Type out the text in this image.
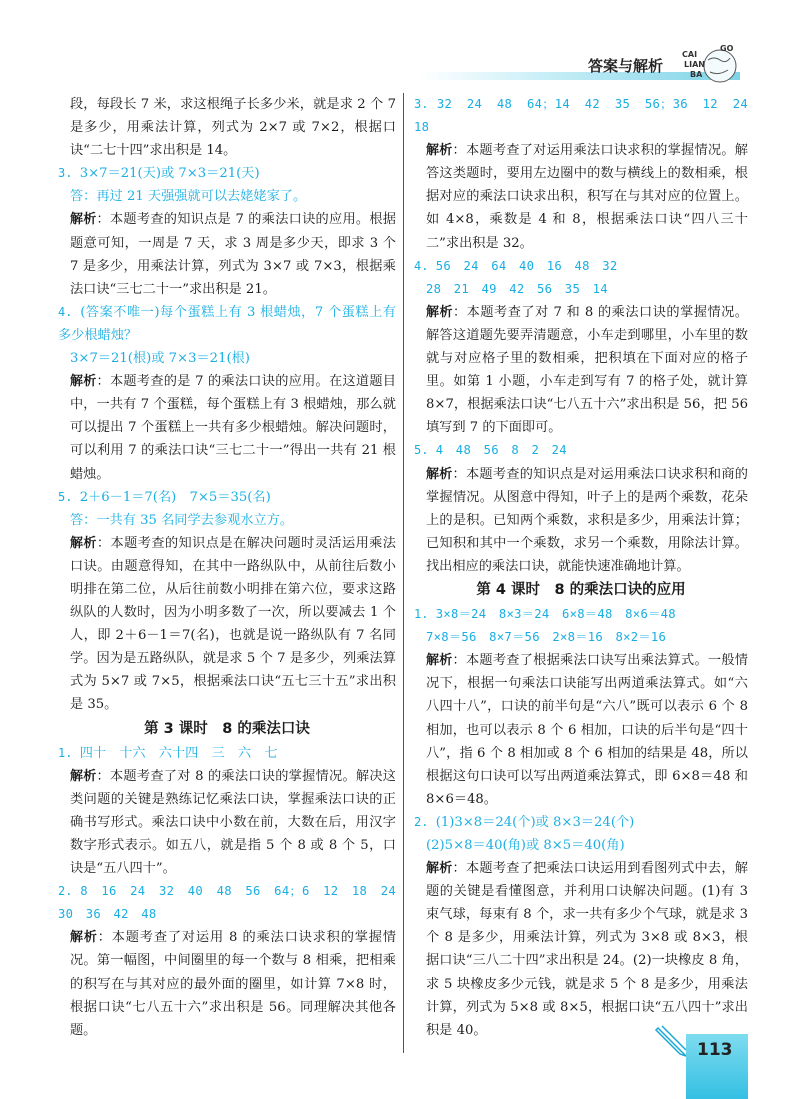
答案与解析
GO
CAI
LIAN
BA

段，每段长 7 米，求这根绳子长多少米，就是求 2 个 7 是多少，用乘法计算，列式为 2×7 或 7×2，根据口诀“二七十四”求出积是 14。

3. 3×7＝21(天)或 7×3＝21(天)

答：再过 21 天强强就可以去姥姥家了。

解析：本题考查的知识点是 7 的乘法口诀的应用。根据题意可知，一周是 7 天，求 3 周是多少天，即求 3 个 7 是多少，用乘法计算，列式为 3×7 或 7×3，根据乘法口诀“三七二十一”求出积是 21。

4. (答案不唯一)每个蛋糕上有 3 根蜡烛，7 个蛋糕上有多少根蜡烛？

3×7＝21(根)或 7×3＝21(根)

解析：本题考查的是 7 的乘法口诀的应用。在这道题目中，一共有 7 个蛋糕，每个蛋糕上有 3 根蜡烛，那么就可以提出 7 个蛋糕上一共有多少根蜡烛。解决问题时，可以利用 7 的乘法口诀“三七二十一”得出一共有 21 根蜡烛。

5. 2＋6－1＝7(名)　7×5＝35(名)

答：一共有 35 名同学去参观水立方。

解析：本题考查的知识点是在解决问题时灵活运用乘法口诀。由题意得知，在其中一路纵队中，从前往后数小明排在第二位，从后往前数小明排在第六位，要求这路纵队的人数时，因为小明多数了一次，所以要减去 1 个人，即 2＋6－1＝7(名)，也就是说一路纵队有 7 名同学。因为是五路纵队，就是求 5 个 7 是多少，列乘法算式为 5×7 或 7×5，根据乘法口诀“五七三十五”求出积是 35。

第 3 课时　8 的乘法口诀

1. 四十　十六　六十四　三　六　七

解析：本题考查了对 8 的乘法口诀的掌握情况。解决这类问题的关键是熟练记忆乘法口诀，掌握乘法口诀的正确书写形式。乘法口诀中小数在前，大数在后，用汉字数字形式表示。如五八，就是指 5 个 8 或 8 个 5，口诀是“五八四十”。

2. 8　16　24　32　40　48　56　64；6　12　18　24　30　36　42　48

解析：本题考查了对运用 8 的乘法口诀求积的掌握情况。第一幅图，中间圈里的每一个数与 8 相乘，把相乘的积写在与其对应的最外面的圈里，如计算 7×8 时，根据口诀“七八五十六”求出积是 56。同理解决其他各题。

3. 32　24　48　64；14　42　35　56；36　12　24　18

解析：本题考查了对运用乘法口诀求积的掌握情况。解答这类题时，要用左边圈中的数与横线上的数相乘，根据对应的乘法口诀求出积，积写在与其对应的位置上。如 4×8，乘数是 4 和 8，根据乘法口诀“四八三十二”求出积是 32。

4. 56　24　64　40　16　48　32

28　21　49　42　56　35　14

解析：本题考查了对 7 和 8 的乘法口诀的掌握情况。解答这道题先要弄清题意，小车走到哪里，小车里的数就与对应格子里的数相乘，把积填在下面对应的格子里。如第 1 小题，小车走到写有 7 的格子处，就计算 8×7，根据乘法口诀“七八五十六”求出积是 56，把 56 填写到 7 的下面即可。

5. 4　48　56　8　2　24

解析：本题考查的知识点是对运用乘法口诀求积和商的掌握情况。从图意中得知，叶子上的是两个乘数，花朵上的是积。已知两个乘数，求积是多少，用乘法计算；已知积和其中一个乘数，求另一个乘数，用除法计算。找出相应的乘法口诀，就能快速准确地计算。

第 4 课时　8 的乘法口诀的应用

1. 3×8＝24　8×3＝24　6×8＝48　8×6＝48

7×8＝56　8×7＝56　2×8＝16　8×2＝16

解析：本题考查了根据乘法口诀写出乘法算式。一般情况下，根据一句乘法口诀能写出两道乘法算式。如“六八四十八”，口诀的前半句是“六八”既可以表示 6 个 8 相加，也可以表示 8 个 6 相加，口诀的后半句是“四十八”，指 6 个 8 相加或 8 个 6 相加的结果是 48，所以根据这句口诀可以写出两道乘法算式，即 6×8＝48 和 8×6＝48。

2. (1)3×8＝24(个)或 8×3＝24(个)

(2)5×8＝40(角)或 8×5＝40(角)

解析：本题考查了把乘法口诀运用到看图列式中去，解题的关键是看懂图意，并利用口诀解决问题。(1)有 3 束气球，每束有 8 个，求一共有多少个气球，就是求 3 个 8 是多少，用乘法计算，列式为 3×8 或 8×3，根据口诀“三八二十四”求出积是 24。(2)一块橡皮 8 角，求 5 块橡皮多少元钱，就是求 5 个 8 是多少，用乘法计算，列式为 5×8 或 8×5，根据口诀“五八四十”求出积是 40。

113
